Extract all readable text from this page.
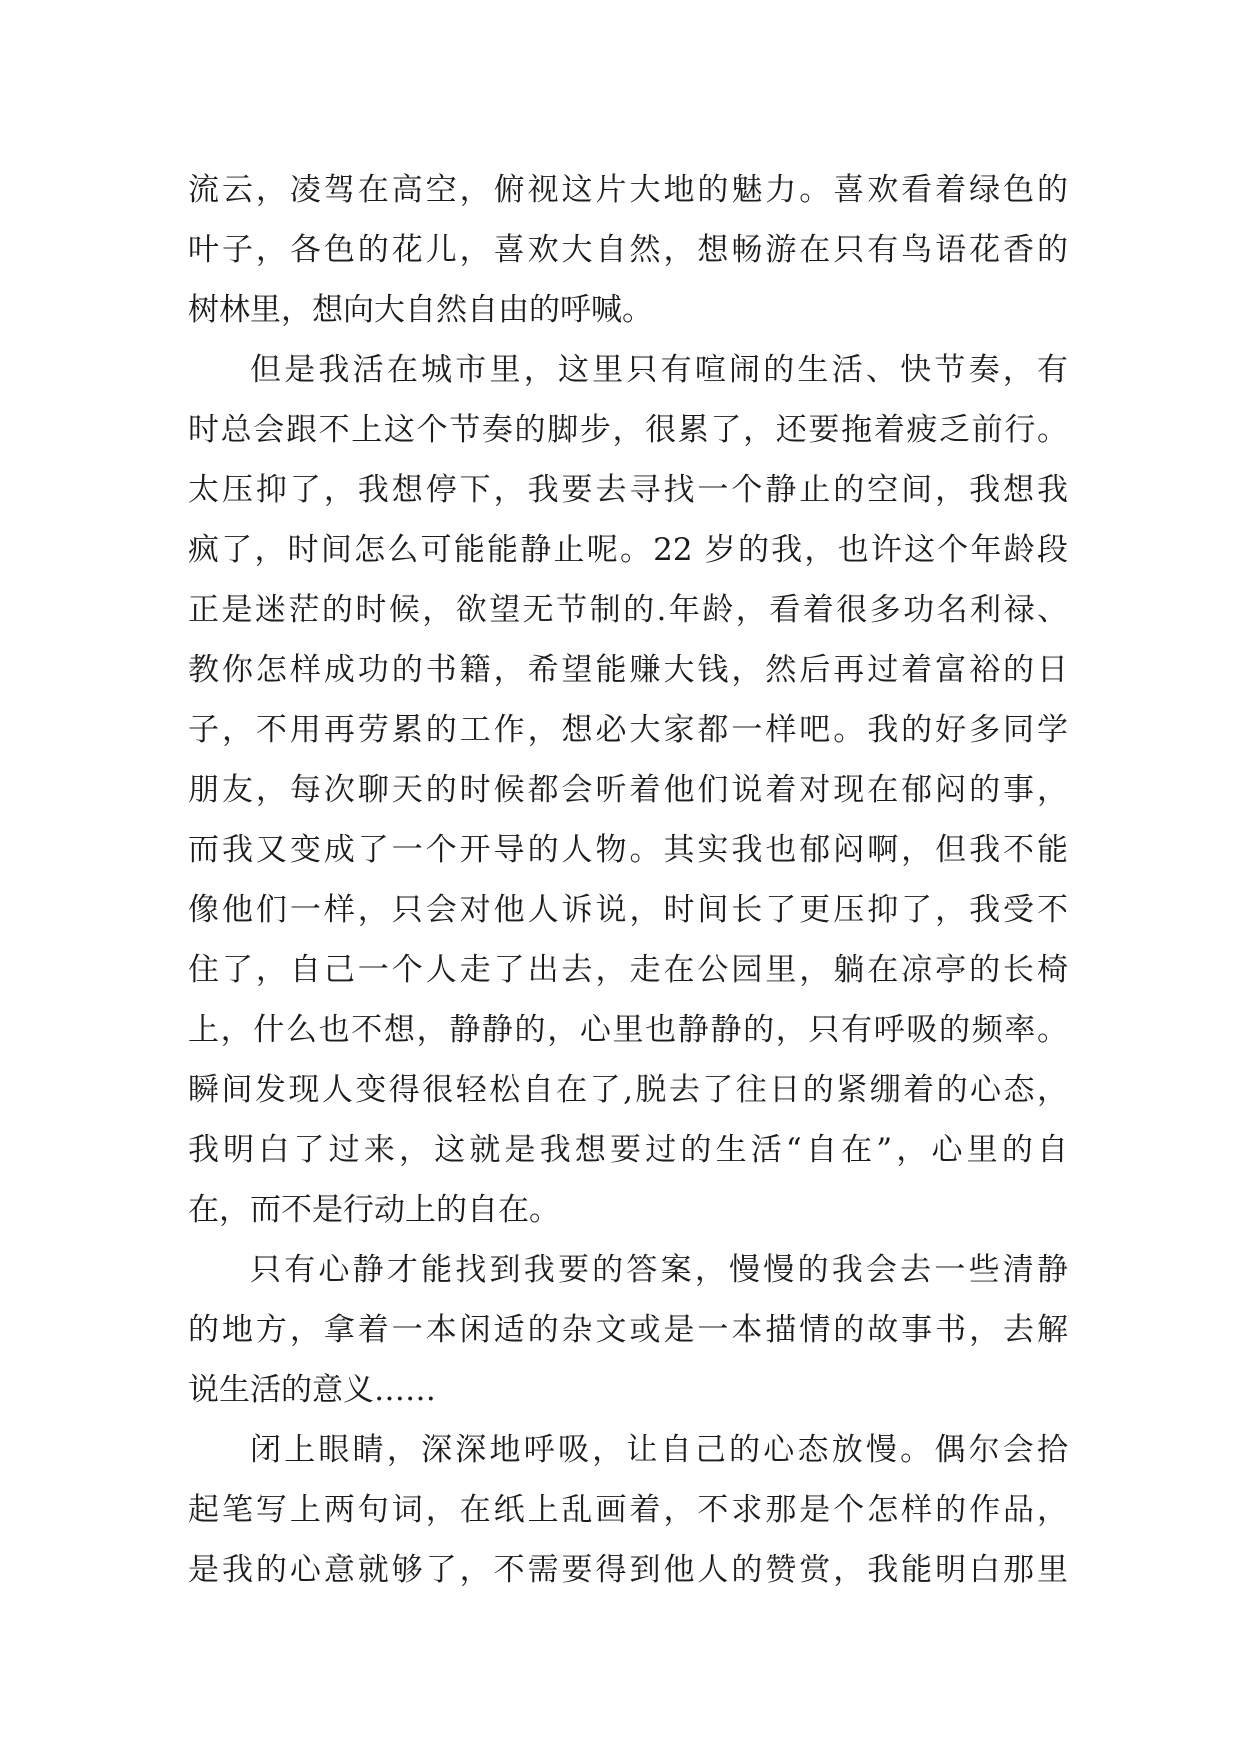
流云，凌驾在高空，俯视这片大地的魅力。喜欢看着绿色的
叶子，各色的花儿，喜欢大自然，想畅游在只有鸟语花香的
树林里，想向大自然自由的呼喊。
但是我活在城市里，这里只有喧闹的生活、快节奏，有
时总会跟不上这个节奏的脚步，很累了，还要拖着疲乏前行。
太压抑了，我想停下，我要去寻找一个静止的空间，我想我
疯了，时间怎么可能能静止呢。22 岁的我，也许这个年龄段
正是迷茫的时候，欲望无节制的.年龄，看着很多功名利禄、
教你怎样成功的书籍，希望能赚大钱，然后再过着富裕的日
子，不用再劳累的工作，想必大家都一样吧。我的好多同学
朋友，每次聊天的时候都会听着他们说着对现在郁闷的事，
而我又变成了一个开导的人物。其实我也郁闷啊，但我不能
像他们一样，只会对他人诉说，时间长了更压抑了，我受不
住了，自己一个人走了出去，走在公园里，躺在凉亭的长椅
上，什么也不想，静静的，心里也静静的，只有呼吸的频率。
瞬间发现人变得很轻松自在了,脱去了往日的紧绷着的心态，
我明白了过来，这就是我想要过的生活“自在”，心里的自
在，而不是行动上的自在。
只有心静才能找到我要的答案，慢慢的我会去一些清静
的地方，拿着一本闲适的杂文或是一本描情的故事书，去解
说生活的意义……
闭上眼睛，深深地呼吸，让自己的心态放慢。偶尔会拾
起笔写上两句词，在纸上乱画着，不求那是个怎样的作品，
是我的心意就够了，不需要得到他人的赞赏，我能明白那里
